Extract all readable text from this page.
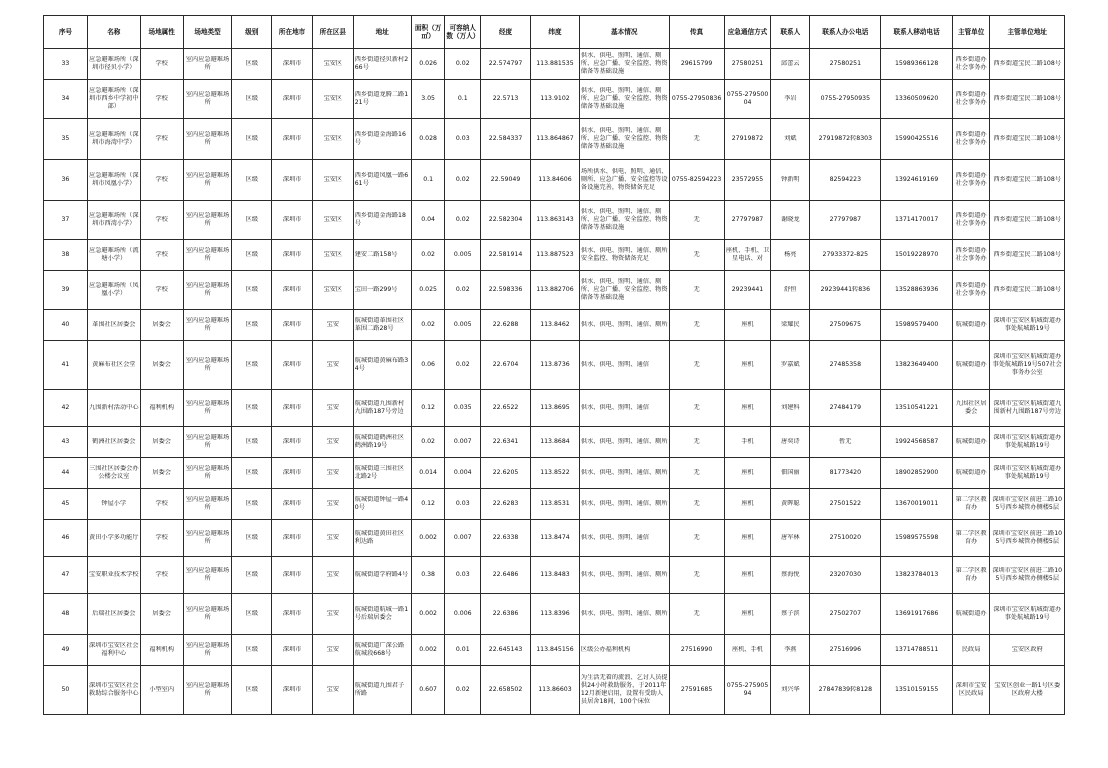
序号	名称	场地属性	场地类型	级别	所在地市	所在区县	地址	面积（万㎡）	可容纳人数（万人）	经度	纬度	基本情况	传真	应急通信方式	联系人	联系人办公电话	联系人移动电话	主管单位	主管单位地址

33	应急避难场所（深圳市径贝小学）	学校	室内应急避难场所	区级	深圳市	宝安区	西乡街道径贝新村266号	0.026	0.02	22.574797	113.881535	供水、供电、照明、通信、厕所、应急广播、安全监控、物资储备等基础设施	29615799	27580251	邱蕾云	27580251	15989366128	西乡街道办社会事务办	西乡街道宝民二路108号

34	应急避难场所（深圳市西乡中学初中部）	学校	室内应急避难场所	区级	深圳市	宝安区	西乡街道龙腾二路121号	3.05	0.1	22.5713	113.9102	供水、供电、照明、通信、厕所、应急广播、安全监控、物资储备等基础设施	0755-27950836	0755-27950004	李岩	0755-27950935	13360509620	西乡街道办社会事务办	西乡街道宝民二路108号

35	应急避难场所（深圳市海湾中学）	学校	室内应急避难场所	区级	深圳市	宝安区	西乡街道金海路16号	0.028	0.03	22.584337	113.864867	供水、供电、照明、通信、厕所、应急广播、安全监控、物资储备等基础设施	无	27919872	刘斌	27919872转8303	15990425516	西乡街道办社会事务办	西乡街道宝民二路108号

36	应急避难场所（深圳市凤凰小学）	学校	室内应急避难场所	区级	深圳市	宝安区	西乡街道凤凰一路661号	0.1	0.02	22.59049	113.84606	场所供水、供电、照明、通信、厕所、应急广播、安全监控等设备设施完善，物资储备充足	0755-82594223	23572955	钟新明	82594223	13924619169	西乡街道办社会事务办	西乡街道宝民二路108号

37	应急避难场所（深圳市西湾小学）	学校	室内应急避难场所	区级	深圳市	宝安区	西乡街道金海路18号	0.04	0.02	22.582304	113.863143	供水、供电、照明、通信、厕所、应急广播、安全监控、物资储备等基础设施	无	27797987	谢晓龙	27797987	13714170017	西乡街道办社会事务办	西乡街道宝民二路108号

38	应急避难场所（流塘小学）	学校	室内应急避难场所	区级	深圳市	宝安区	建安二路158号	0.02	0.005	22.581914	113.887523	供水、供电、照明、通信、厕所安全监控、物资储备充足	无	座机、手机、卫星电话、对	杨亮	27933372-825	15019228970	西乡街道办社会事务办	西乡街道宝民二路108号

39	应急避难场所（凤凰小学）	学校	室内应急避难场所	区级	深圳市	宝安区	宝田一路299号	0.025	0.02	22.598336	113.882706	供水、供电、照明、通信、厕所、应急广播、安全监控、物资储备等基础设施	无	29239441	舒恒	29239441转836	13528863936	西乡街道办社会事务办	西乡街道宝民二路108号

40	革围社区居委会	居委会	室内应急避难场所	区级	深圳市	宝安	航城街道革围社区革围二路28号	0.02	0.005	22.6288	113.8462	供水、供电、照明、通信、厕所	无	座机	梁耀民	27509675	15989579400	航城街道办	深圳市宝安区航城街道办事处航城路19号

41	黄麻布社区会堂	居委会	室内应急避难场所	区级	深圳市	宝安	航城街道黄麻布路34号	0.06	0.02	22.6704	113.8736	供水、供电、照明、通信	无	座机	罗嘉斌	27485358	13823649400	航城街道办	深圳市宝安区航城街道办事处航城路19号507社会事务办公室

42	九围新村活动中心	福利机构	室内应急避难场所	区级	深圳市	宝安	航城街道九围新村九围路187号旁边	0.12	0.035	22.6522	113.8695	供水、供电、照明、通信	无	座机	刘建科	27484179	13510541221	九围社区居委会	深圳市宝安区航城街道九围新村九围路187号旁边

43	鹤洲社区居委会	居委会	室内应急避难场所	区级	深圳市	宝安	航城街道鹤洲社区鹤洲路19号	0.02	0.007	22.6341	113.8684	供水、供电、照明、通信、厕所	无	手机	唐奕诗	暂无	19924568587	航城街道办	深圳市宝安区航城街道办事处航城路19号

44	三围社区居委会办公楼会议室	居委会	室内应急避难场所	区级	深圳市	宝安	航城街道三围社区北路2号	0.014	0.004	22.6205	113.8522	供水、供电、照明、通信、厕所	无	座机	佃国丽	81773420	18902852900	航城街道办	深圳市宝安区航城街道办事处航城路19号

45	钟屋小学	学校	室内应急避难场所	区级	深圳市	宝安	航城街道钟屋一路40号	0.12	0.03	22.6283	113.8531	供水、供电、照明、通信、厕所	无	座机	黄晖聪	27501522	13670019011	第二学区教育办	深圳市宝安区前进二路105号西乡城管办侧楼5层

46	黄田小学多功能厅	学校	室内应急避难场所	区级	深圳市	宝安	航城街道黄田社区利达路	0.002	0.007	22.6338	113.8474	供水、供电、照明、通信	无	座机	唐军林	27510020	15989575598	第二学区教育办	深圳市宝安区前进二路105号西乡城管办侧楼5层

47	宝安职业技术学校	学校	室内应急避难场所	区级	深圳市	宝安	航城街道学府路4号	0.38	0.03	22.6486	113.8483	供水、供电、照明、通信、厕所	无	座机	蔡海悦	23207030	13823784013	第二学区教育办	深圳市宝安区前进二路105号西乡城管办侧楼5层

48	后瑞社区居委会	居委会	室内应急避难场所	区级	深圳市	宝安	航城街道航城一路1号后瑞居委会	0.002	0.006	22.6386	113.8396	供水、供电、照明、通信、厕所	无	座机	蔡子滨	27502707	13691917686	航城街道办	深圳市宝安区航城街道办事处航城路19号

49	深圳市宝安区社会福利中心	福利机构	室内应急避难场所	区级	深圳市	宝安	航城街道广深公路航城段668号	0.002	0.01	22.645143	113.845156	区级公办福利机构	27516990	座机、手机	李燕	27516996	13714788511	民政局	宝安区政府

50	深圳市宝安区社会救助综合服务中心	小型室内	室内应急避难场所	区级	深圳市	宝安	航城街道九围君子所路	0.607	0.02	22.658502	113.86603	为生活无着的流浪、乞讨人员提供24小时救助服务，于2011年12月新建启用，设置有受助人员居舍18间，100个床位	27591685	0755-27590594	刘兴华	27847839转8128	13510159155	深圳市宝安区民政局	宝安区创业一路1号区委区政府大楼
